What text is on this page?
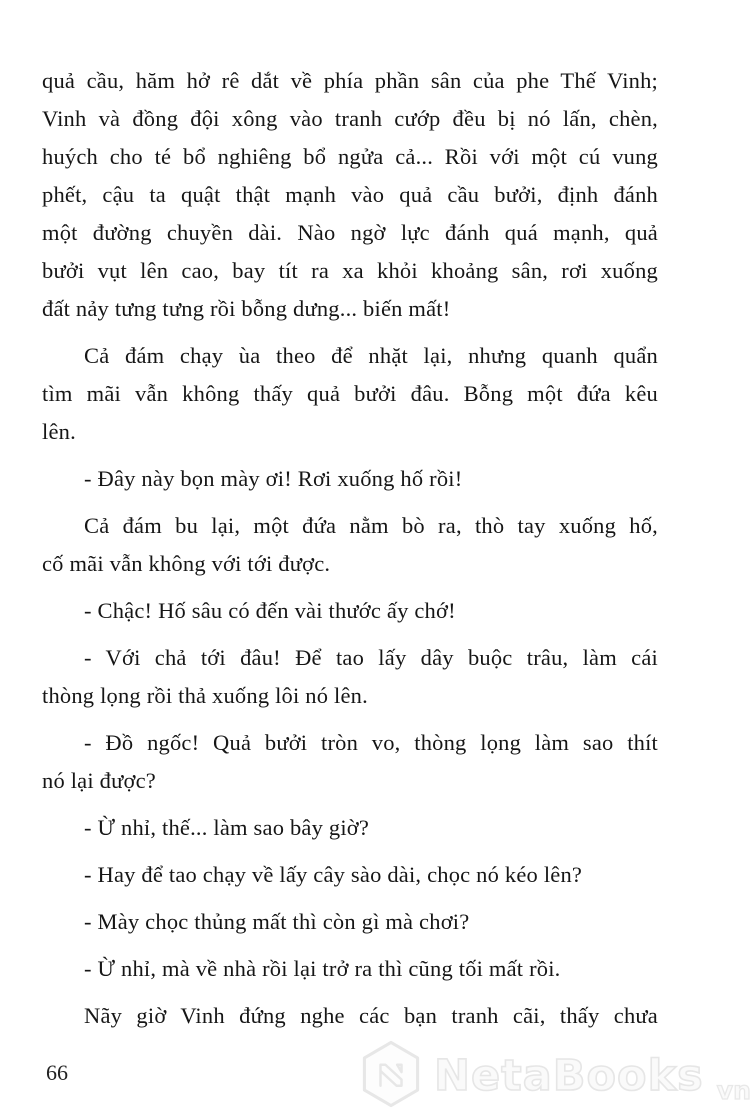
quả cầu, hăm hở rê dắt về phía phần sân của phe Thế Vinh;
Vinh và đồng đội xông vào tranh cướp đều bị nó lấn, chèn,
huých cho té bổ nghiêng bổ ngửa cả... Rồi với một cú vung
phết, cậu ta quật thật mạnh vào quả cầu bưởi, định đánh
một đường chuyền dài. Nào ngờ lực đánh quá mạnh, quả
bưởi vụt lên cao, bay tít ra xa khỏi khoảng sân, rơi xuống
đất nảy tưng tưng rồi bỗng dưng... biến mất!
Cả đám chạy ùa theo để nhặt lại, nhưng quanh quẩn
tìm mãi vẫn không thấy quả bưởi đâu. Bỗng một đứa kêu
lên.
- Đây này bọn mày ơi! Rơi xuống hố rồi!
Cả đám bu lại, một đứa nằm bò ra, thò tay xuống hố,
cố mãi vẫn không với tới được.
- Chậc! Hố sâu có đến vài thước ấy chớ!
- Với chả tới đâu! Để tao lấy dây buộc trâu, làm cái
thòng lọng rồi thả xuống lôi nó lên.
- Đồ ngốc! Quả bưởi tròn vo, thòng lọng làm sao thít
nó lại được?
- Ừ nhỉ, thế... làm sao bây giờ?
- Hay để tao chạy về lấy cây sào dài, chọc nó kéo lên?
- Mày chọc thủng mất thì còn gì mà chơi?
- Ừ nhỉ, mà về nhà rồi lại trở ra thì cũng tối mất rồi.
Nãy giờ Vinh đứng nghe các bạn tranh cãi, thấy chưa
66	NetaBooks vn
